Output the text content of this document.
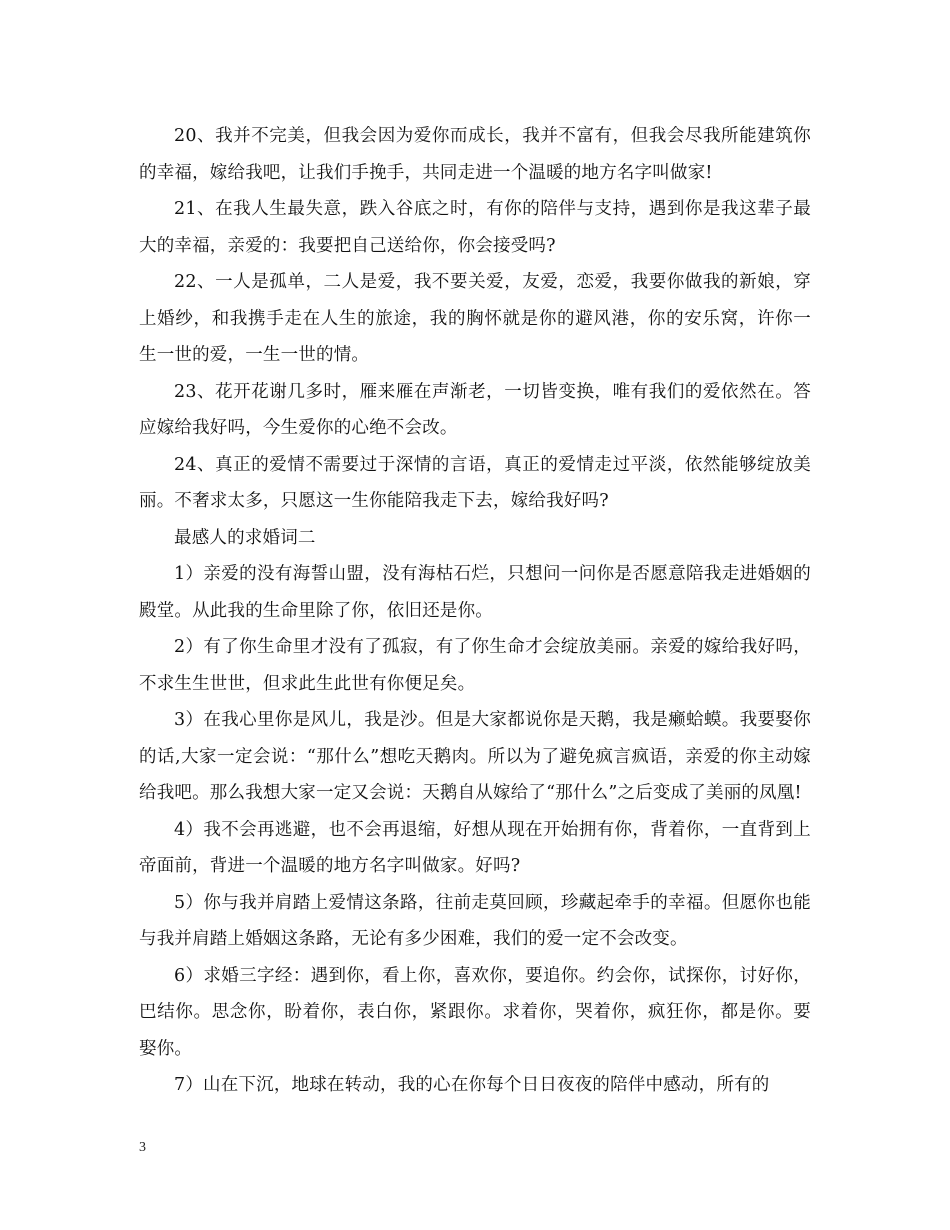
20、我并不完美，但我会因为爱你而成长，我并不富有，但我会尽我所能建筑你的幸福，嫁给我吧，让我们手挽手，共同走进一个温暖的地方名字叫做家!

21、在我人生最失意，跌入谷底之时，有你的陪伴与支持，遇到你是我这辈子最大的幸福，亲爱的：我要把自己送给你，你会接受吗?

22、一人是孤单，二人是爱，我不要关爱，友爱，恋爱，我要你做我的新娘，穿上婚纱，和我携手走在人生的旅途，我的胸怀就是你的避风港，你的安乐窝，许你一生一世的爱，一生一世的情。

23、花开花谢几多时，雁来雁在声渐老，一切皆变换，唯有我们的爱依然在。答应嫁给我好吗，今生爱你的心绝不会改。

24、真正的爱情不需要过于深情的言语，真正的爱情走过平淡，依然能够绽放美丽。不奢求太多，只愿这一生你能陪我走下去，嫁给我好吗?

最感人的求婚词二

1）亲爱的没有海誓山盟，没有海枯石烂，只想问一问你是否愿意陪我走进婚姻的殿堂。从此我的生命里除了你，依旧还是你。

2）有了你生命里才没有了孤寂，有了你生命才会绽放美丽。亲爱的嫁给我好吗，不求生生世世，但求此生此世有你便足矣。

3）在我心里你是风儿，我是沙。但是大家都说你是天鹅，我是癞蛤蟆。我要娶你的话,大家一定会说：“那什么”想吃天鹅肉。所以为了避免疯言疯语，亲爱的你主动嫁给我吧。那么我想大家一定又会说：天鹅自从嫁给了“那什么”之后变成了美丽的凤凰!

4）我不会再逃避，也不会再退缩，好想从现在开始拥有你，背着你，一直背到上帝面前，背进一个温暖的地方名字叫做家。好吗?

5）你与我并肩踏上爱情这条路，往前走莫回顾，珍藏起牵手的幸福。但愿你也能与我并肩踏上婚姻这条路，无论有多少困难，我们的爱一定不会改变。

6）求婚三字经：遇到你，看上你，喜欢你，要追你。约会你，试探你，讨好你，巴结你。思念你，盼着你，表白你，紧跟你。求着你，哭着你，疯狂你，都是你。要娶你。

7）山在下沉，地球在转动，我的心在你每个日日夜夜的陪伴中感动，所有的

3
